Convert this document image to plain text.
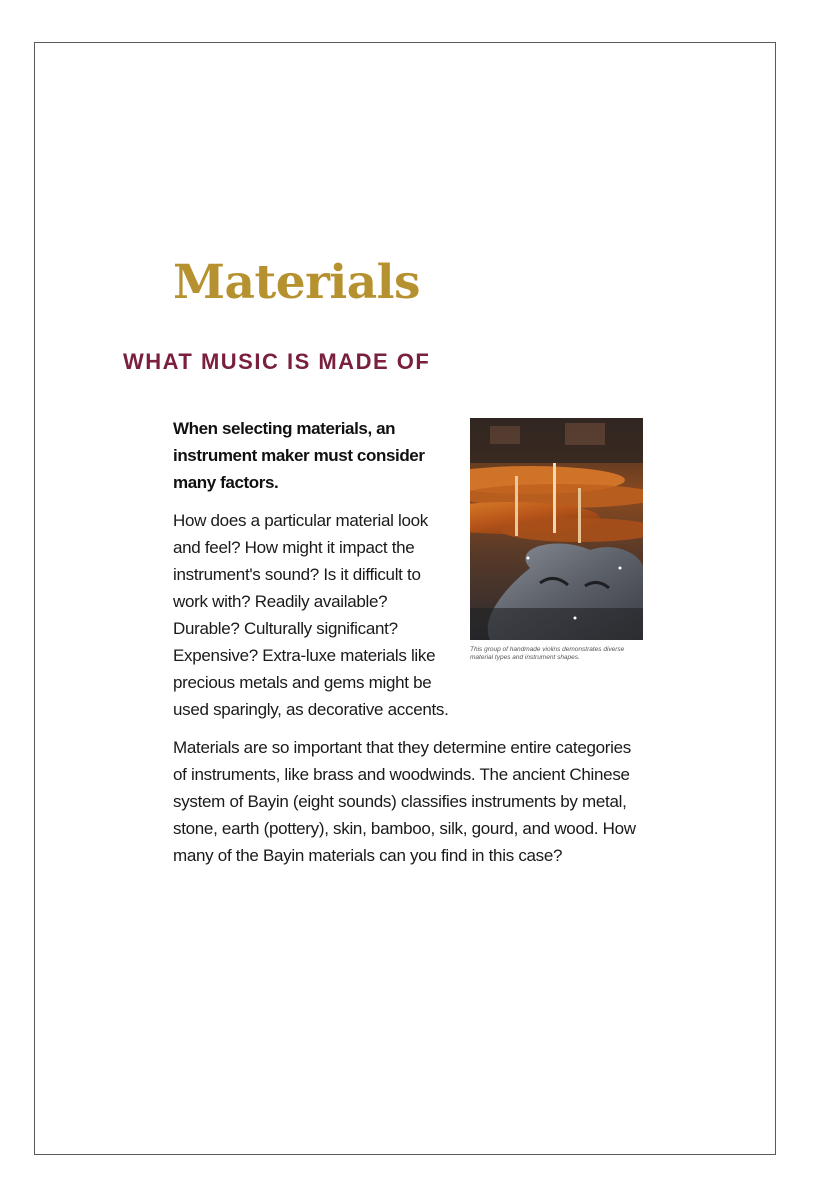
Materials
WHAT MUSIC IS MADE OF
This group of handmade violins demonstrates diverse material types and instrument shapes.

When selecting materials, an instrument maker must consider many factors.

How does a particular material look and feel? How might it impact the instrument's sound? Is it difficult to work with? Readily available? Durable? Culturally significant? Expensive? Extra-luxe materials like precious metals and gems might be used sparingly, as decorative accents.

Materials are so important that they determine entire categories of instruments, like brass and woodwinds. The ancient Chinese system of Bayin (eight sounds) classifies instruments by metal, stone, earth (pottery), skin, bamboo, silk, gourd, and wood. How many of the Bayin materials can you find in this case?
